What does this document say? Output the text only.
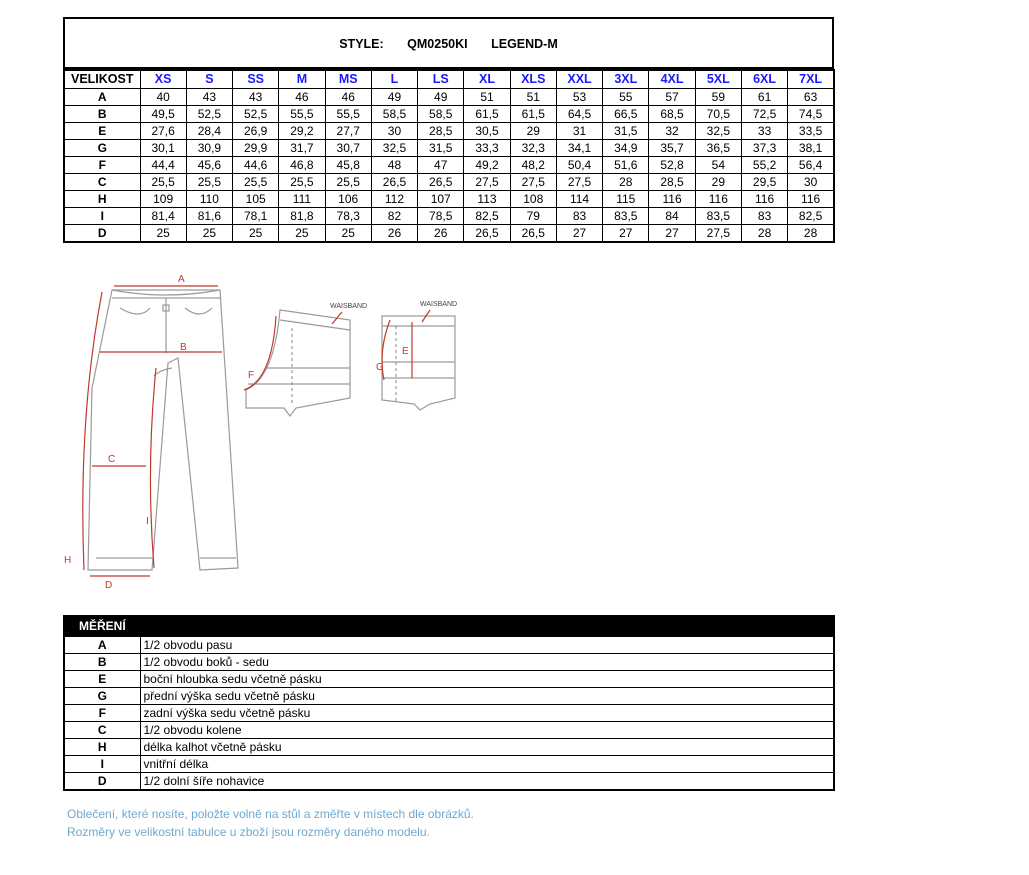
STYLE: QM0250KI LEGEND-M
VELIKOST	XS	S	SS	M	MS	L	LS	XL	XLS	XXL	3XL	4XL	5XL	6XL	7XL
A	40	43	43	46	46	49	49	51	51	53	55	57	59	61	63
B	49,5	52,5	52,5	55,5	55,5	58,5	58,5	61,5	61,5	64,5	66,5	68,5	70,5	72,5	74,5
E	27,6	28,4	26,9	29,2	27,7	30	28,5	30,5	29	31	31,5	32	32,5	33	33,5
G	30,1	30,9	29,9	31,7	30,7	32,5	31,5	33,3	32,3	34,1	34,9	35,7	36,5	37,3	38,1
F	44,4	45,6	44,6	46,8	45,8	48	47	49,2	48,2	50,4	51,6	52,8	54	55,2	56,4
C	25,5	25,5	25,5	25,5	25,5	26,5	26,5	27,5	27,5	27,5	28	28,5	29	29,5	30
H	109	110	105	111	106	112	107	113	108	114	115	116	116	116	116
I	81,4	81,6	78,1	81,8	78,3	82	78,5	82,5	79	83	83,5	84	83,5	83	82,5
D	25	25	25	25	25	26	26	26,5	26,5	27	27	27	27,5	28	28
A
B
C
D
H
I
F
E
G
WAISBAND	WAISBAND
MĚŘENÍ	
A	1/2 obvodu pasu
B	1/2 obvodu boků - sedu
E	boční hloubka sedu včetně pásku
G	přední výška sedu včetně pásku
F	zadní výška sedu včetně pásku
C	1/2 obvodu kolene
H	délka kalhot včetně pásku
I	vnitřní délka
D	1/2 dolní šíře nohavice
Oblečení, které nosíte, položte volně na stůl a změřte v místech dle obrázků.
Rozměry ve velikostní tabulce u zboží jsou rozměry daného modelu.
